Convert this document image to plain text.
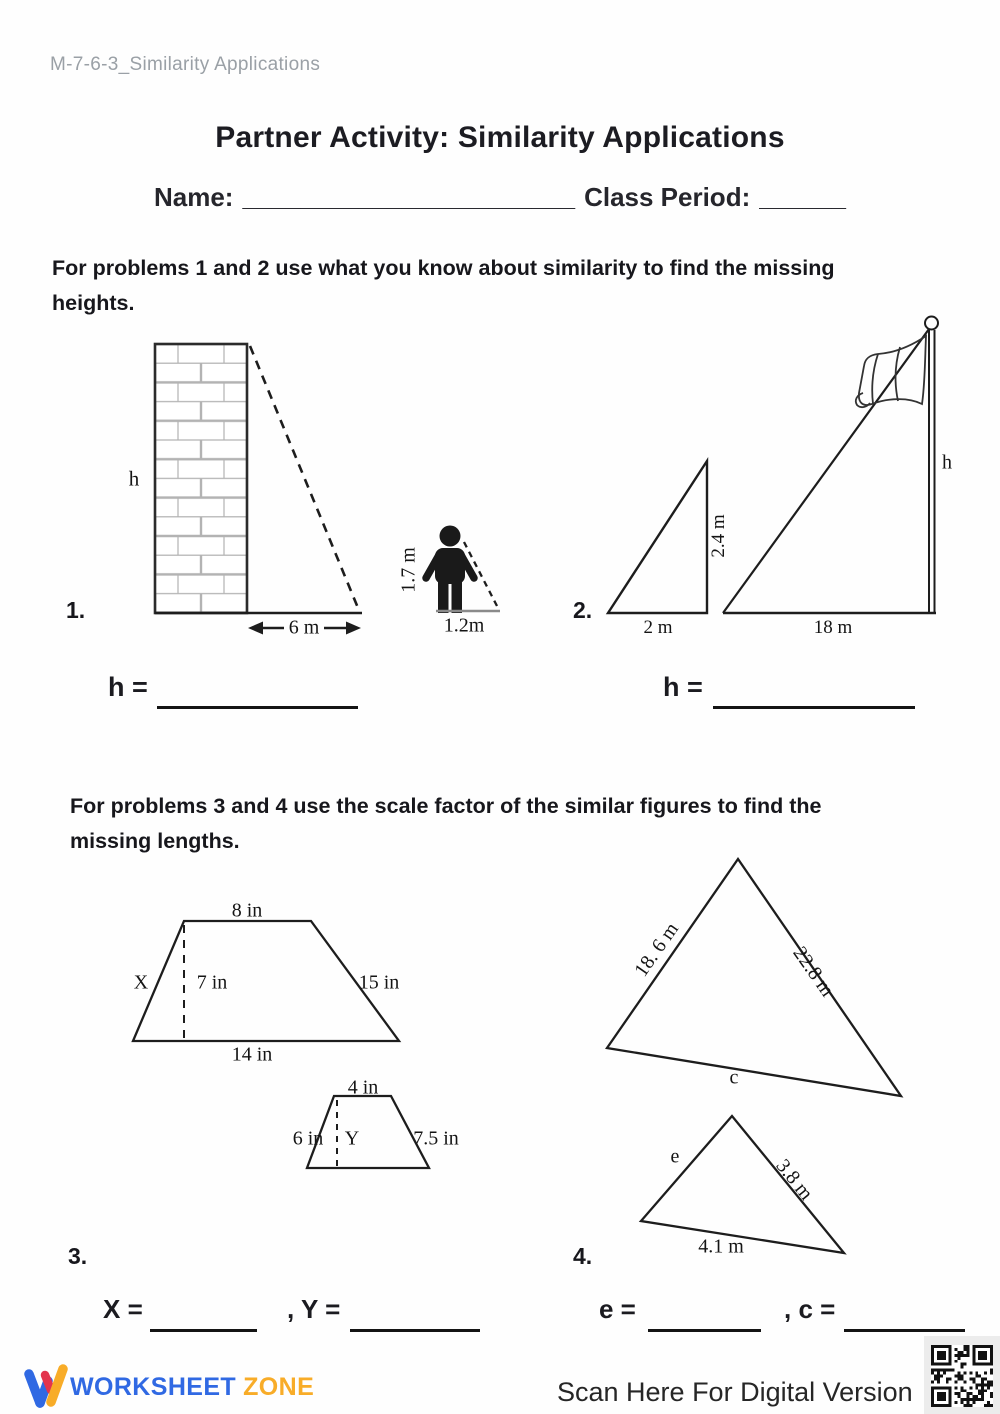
M-7-6-3_Similarity Applications
Partner Activity: Similarity Applications
Name: _______________________ Class Period: ______
For problems 1 and 2 use what you know about similarity to find the missing
heights.
1.
h
6 m
1.7 m
1.2m
2.
2.4 m
2 m
h
18 m
h =	h =
For problems 3 and 4 use the scale factor of the similar figures to find the
missing lengths.
8 in
X 7 in	15 in
14 in
4 in
6 in Y	7.5 in
18. 6 m	22.8 m
c
e	3.8 m
4.1 m
3.
X =	, Y =
4.
e =	, c =
WORKSHEET ZONE	Scan Here For Digital Version
